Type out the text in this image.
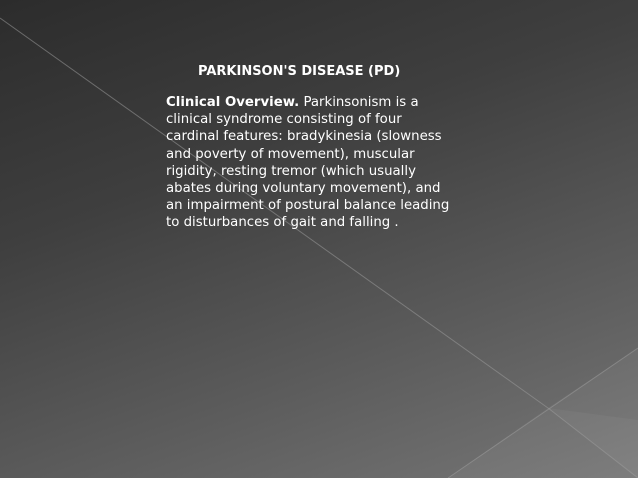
PARKINSON'S DISEASE (PD)

Clinical Overview. Parkinsonism is a clinical syndrome consisting of four cardinal features: bradykinesia (slowness and poverty of movement), muscular rigidity, resting tremor (which usually abates during voluntary movement), and an impairment of postural balance leading to disturbances of gait and falling .
